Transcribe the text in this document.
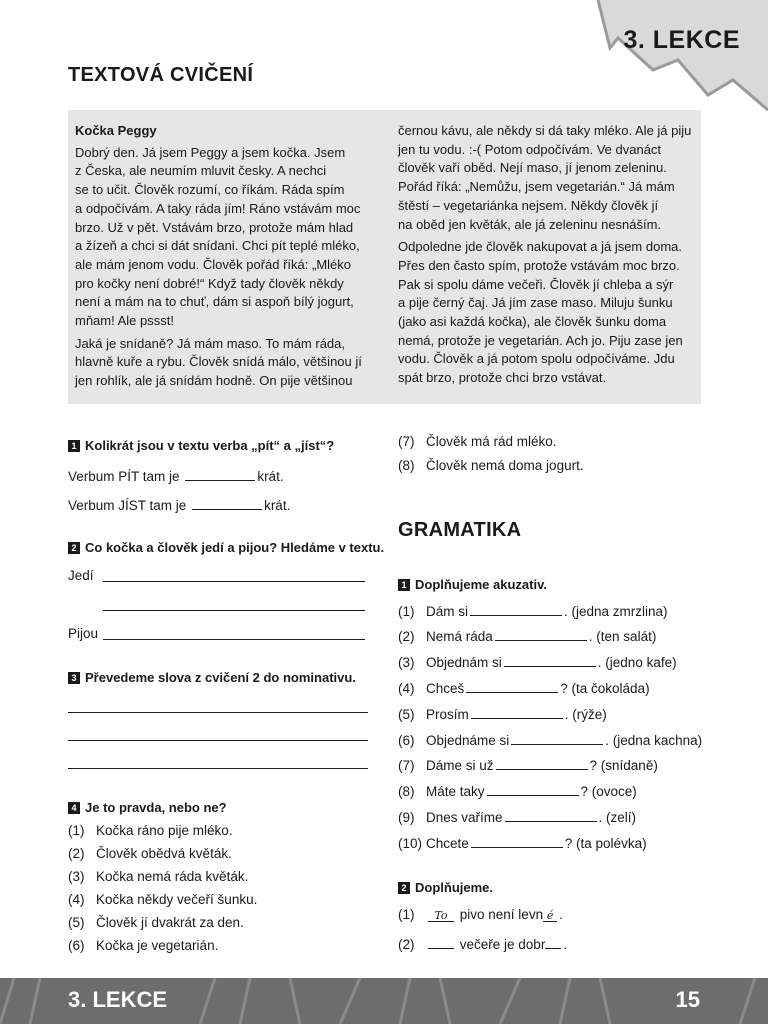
3. LEKCE
TEXTOVÁ CVIČENÍ

Kočka Peggy

Dobrý den. Já jsem Peggy a jsem kočka. Jsem
z Česka, ale neumím mluvit česky. A nechci
se to učit. Člověk rozumí, co říkám. Ráda spím
a odpočívám. A taky ráda jím! Ráno vstávám moc
brzo. Už v pět. Vstávám brzo, protože mám hlad
a žízeň a chci si dát snídani. Chci pít teplé mléko,
ale mám jenom vodu. Člověk pořád říká: „Mléko
pro kočky není dobré!“ Když tady člověk někdy
není a mám na to chuť, dám si aspoň bílý jogurt,
mňam! Ale pssst!

Jaká je snídaně? Já mám maso. To mám ráda,
hlavně kuře a rybu. Člověk snídá málo, většinou jí
jen rohlík, ale já snídám hodně. On pije většinou

černou kávu, ale někdy si dá taky mléko. Ale já piju
jen tu vodu. :-( Potom odpočívám. Ve dvanáct
člověk vaří oběd. Nejí maso, jí jenom zeleninu.
Pořád říká: „Nemůžu, jsem vegetarián.“ Já mám
štěstí – vegetariánka nejsem. Někdy člověk jí
na oběd jen květák, ale já zeleninu nesnáším.

Odpoledne jde člověk nakupovat a já jsem doma.
Přes den často spím, protože vstávám moc brzo.
Pak si spolu dáme večeři. Člověk jí chleba a sýr
a pije černý čaj. Já jím zase maso. Miluju šunku
(jako asi každá kočka), ale člověk šunku doma
nemá, protože je vegetarián. Ach jo. Piju zase jen
vodu. Člověk a já potom spolu odpočíváme. Jdu
spát brzo, protože chci brzo vstávat.

1 Kolikrát jsou v textu verba „pít“ a „jíst“?
Verbum PÍT tam je	krát.
Verbum JÍST tam je	krát.
2 Co kočka a člověk jedí a pijou? Hledáme v textu.
Jedí
Pijou
3 Převedeme slova z cvičení 2 do nominativu.
4 Je to pravda, nebo ne?
(1) Kočka ráno pije mléko.
(2) Člověk obědvá květák.
(3) Kočka nemá ráda květák.
(4) Kočka někdy večeří šunku.
(5) Člověk jí dvakrát za den.
(6) Kočka je vegetarián.
(7) Člověk má rád mléko.
(8) Člověk nemá doma jogurt.
GRAMATIKA
1 Doplňujeme akuzativ.
(1) Dám si	. (jedna zmrzlina)
(2) Nemá ráda	. (ten salát)
(3) Objednám si	. (jedno kafe)
(4) Chceš	? (ta čokoláda)
(5) Prosím	. (rýže)
(6) Objednáme si	. (jedna kachna)
(7) Dáme si už	? (snídaně)
(8) Máte taky	? (ovoce)
(9) Dnes vaříme	. (zelí)
(10) Chcete	? (ta polévka)
2 Doplňujeme.
(1) To pivo není levn é .
(2)	večeře je dobr .
3. LEKCE	15
